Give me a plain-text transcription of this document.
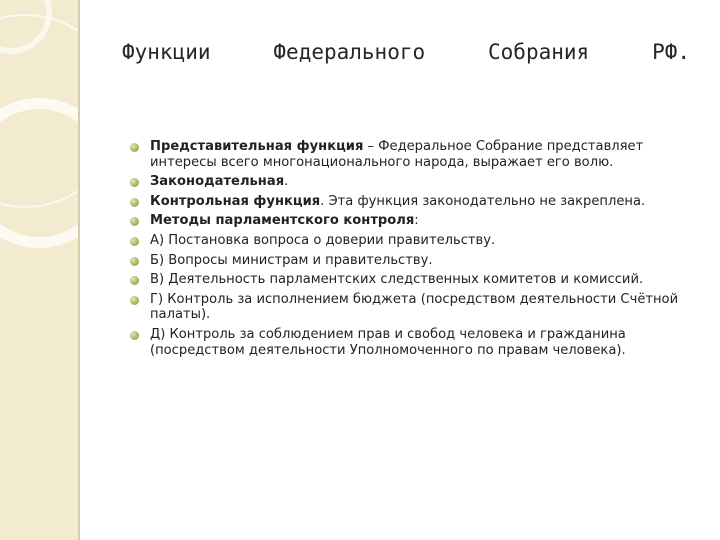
Функции	Федерального	Собрания	РФ.
Представительная функция – Федеральное Собрание представляет интересы всего многонационального народа, выражает его волю.
Законодательная.
Контрольная функция. Эта функция законодательно не закреплена.
Методы парламентского контроля:
А) Постановка вопроса о доверии правительству.
Б) Вопросы министрам и правительству.
В) Деятельность парламентских следственных комитетов и комиссий.
Г) Контроль за исполнением бюджета (посредством деятельности Счётной палаты).
Д) Контроль за соблюдением прав и свобод человека и гражданина (посредством деятельности Уполномоченного по правам человека).
